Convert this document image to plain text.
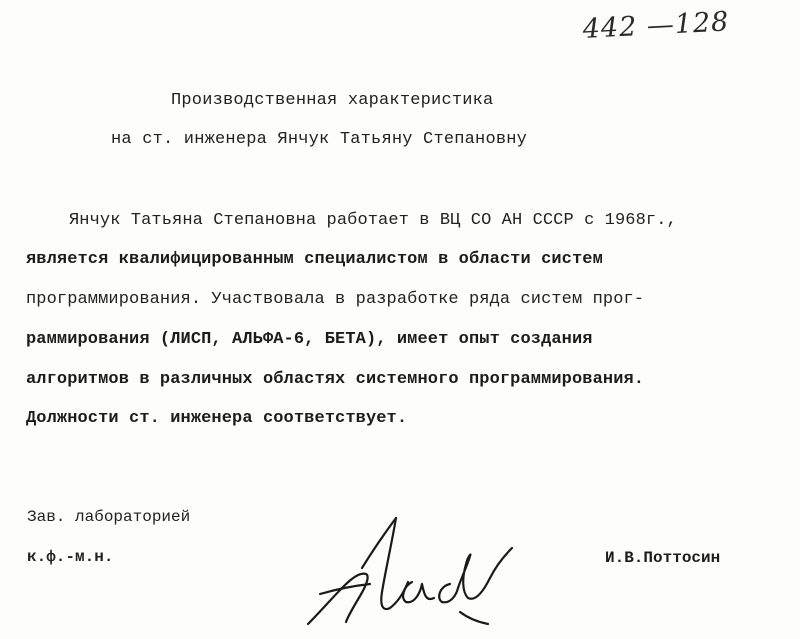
442 —128
Производственная характеристика
на ст. инженера Янчук Татьяну Степановну
Янчук Татьяна Степановна работает в ВЦ СО АН СССР с 1968г.,
является квалифицированным специалистом в области систем
программирования. Участвовала в разработке ряда систем прог-
раммирования (ЛИСП, АЛЬФА-6, БЕТА), имеет опыт создания
алгоритмов в различных областях системного программирования.
Должности ст. инженера соответствует.
Зав. лабораторией
к.ф.-м.н.	И.В.Поттосин
